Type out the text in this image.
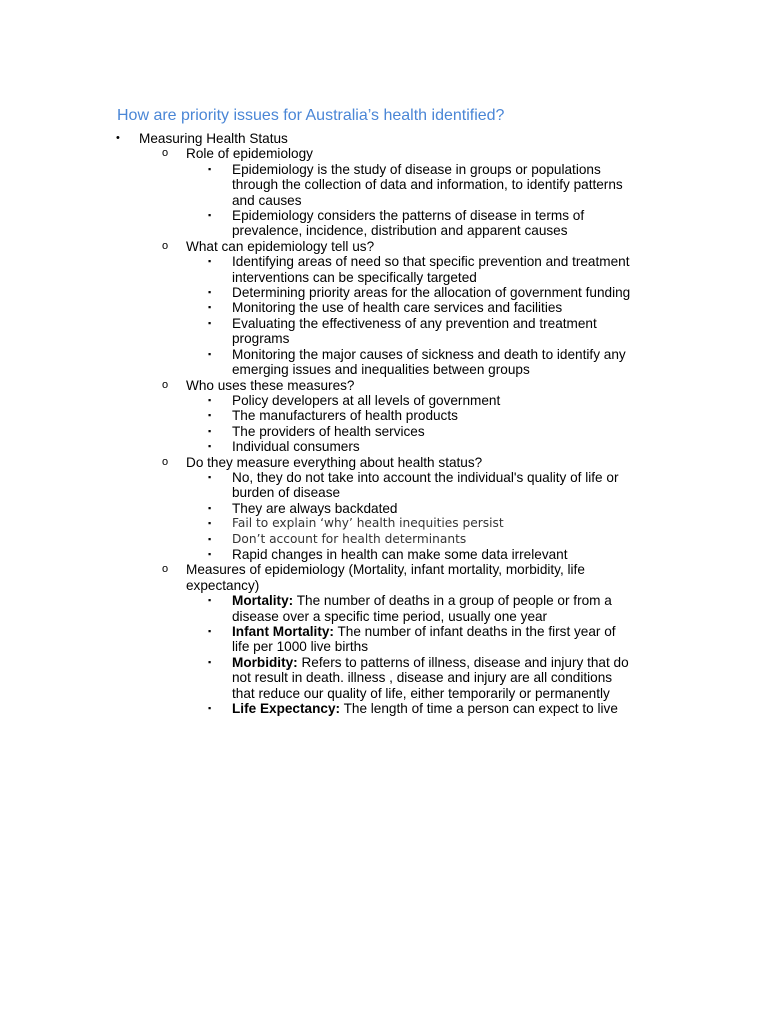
How are priority issues for Australia’s health identified?
• Measuring Health Status
o Role of epidemiology
▪ Epidemiology is the study of disease in groups or populations
through the collection of data and information, to identify patterns
and causes
▪ Epidemiology considers the patterns of disease in terms of
prevalence, incidence, distribution and apparent causes
o What can epidemiology tell us?
▪ Identifying areas of need so that specific prevention and treatment
interventions can be specifically targeted
▪ Determining priority areas for the allocation of government funding
▪ Monitoring the use of health care services and facilities
▪ Evaluating the effectiveness of any prevention and treatment
programs
▪ Monitoring the major causes of sickness and death to identify any
emerging issues and inequalities between groups
o Who uses these measures?
▪ Policy developers at all levels of government
▪ The manufacturers of health products
▪ The providers of health services
▪ Individual consumers
o Do they measure everything about health status?
▪ No, they do not take into account the individual's quality of life or
burden of disease
▪ They are always backdated
▪ Fail to explain ‘why’ health inequities persist
▪ Don’t account for health determinants
▪ Rapid changes in health can make some data irrelevant
o Measures of epidemiology (Mortality, infant mortality, morbidity, life
expectancy)
▪ Mortality: The number of deaths in a group of people or from a
disease over a specific time period, usually one year
▪ Infant Mortality: The number of infant deaths in the first year of
life per 1000 live births
▪ Morbidity: Refers to patterns of illness, disease and injury that do
not result in death. illness , disease and injury are all conditions
that reduce our quality of life, either temporarily or permanently
▪ Life Expectancy: The length of time a person can expect to live
